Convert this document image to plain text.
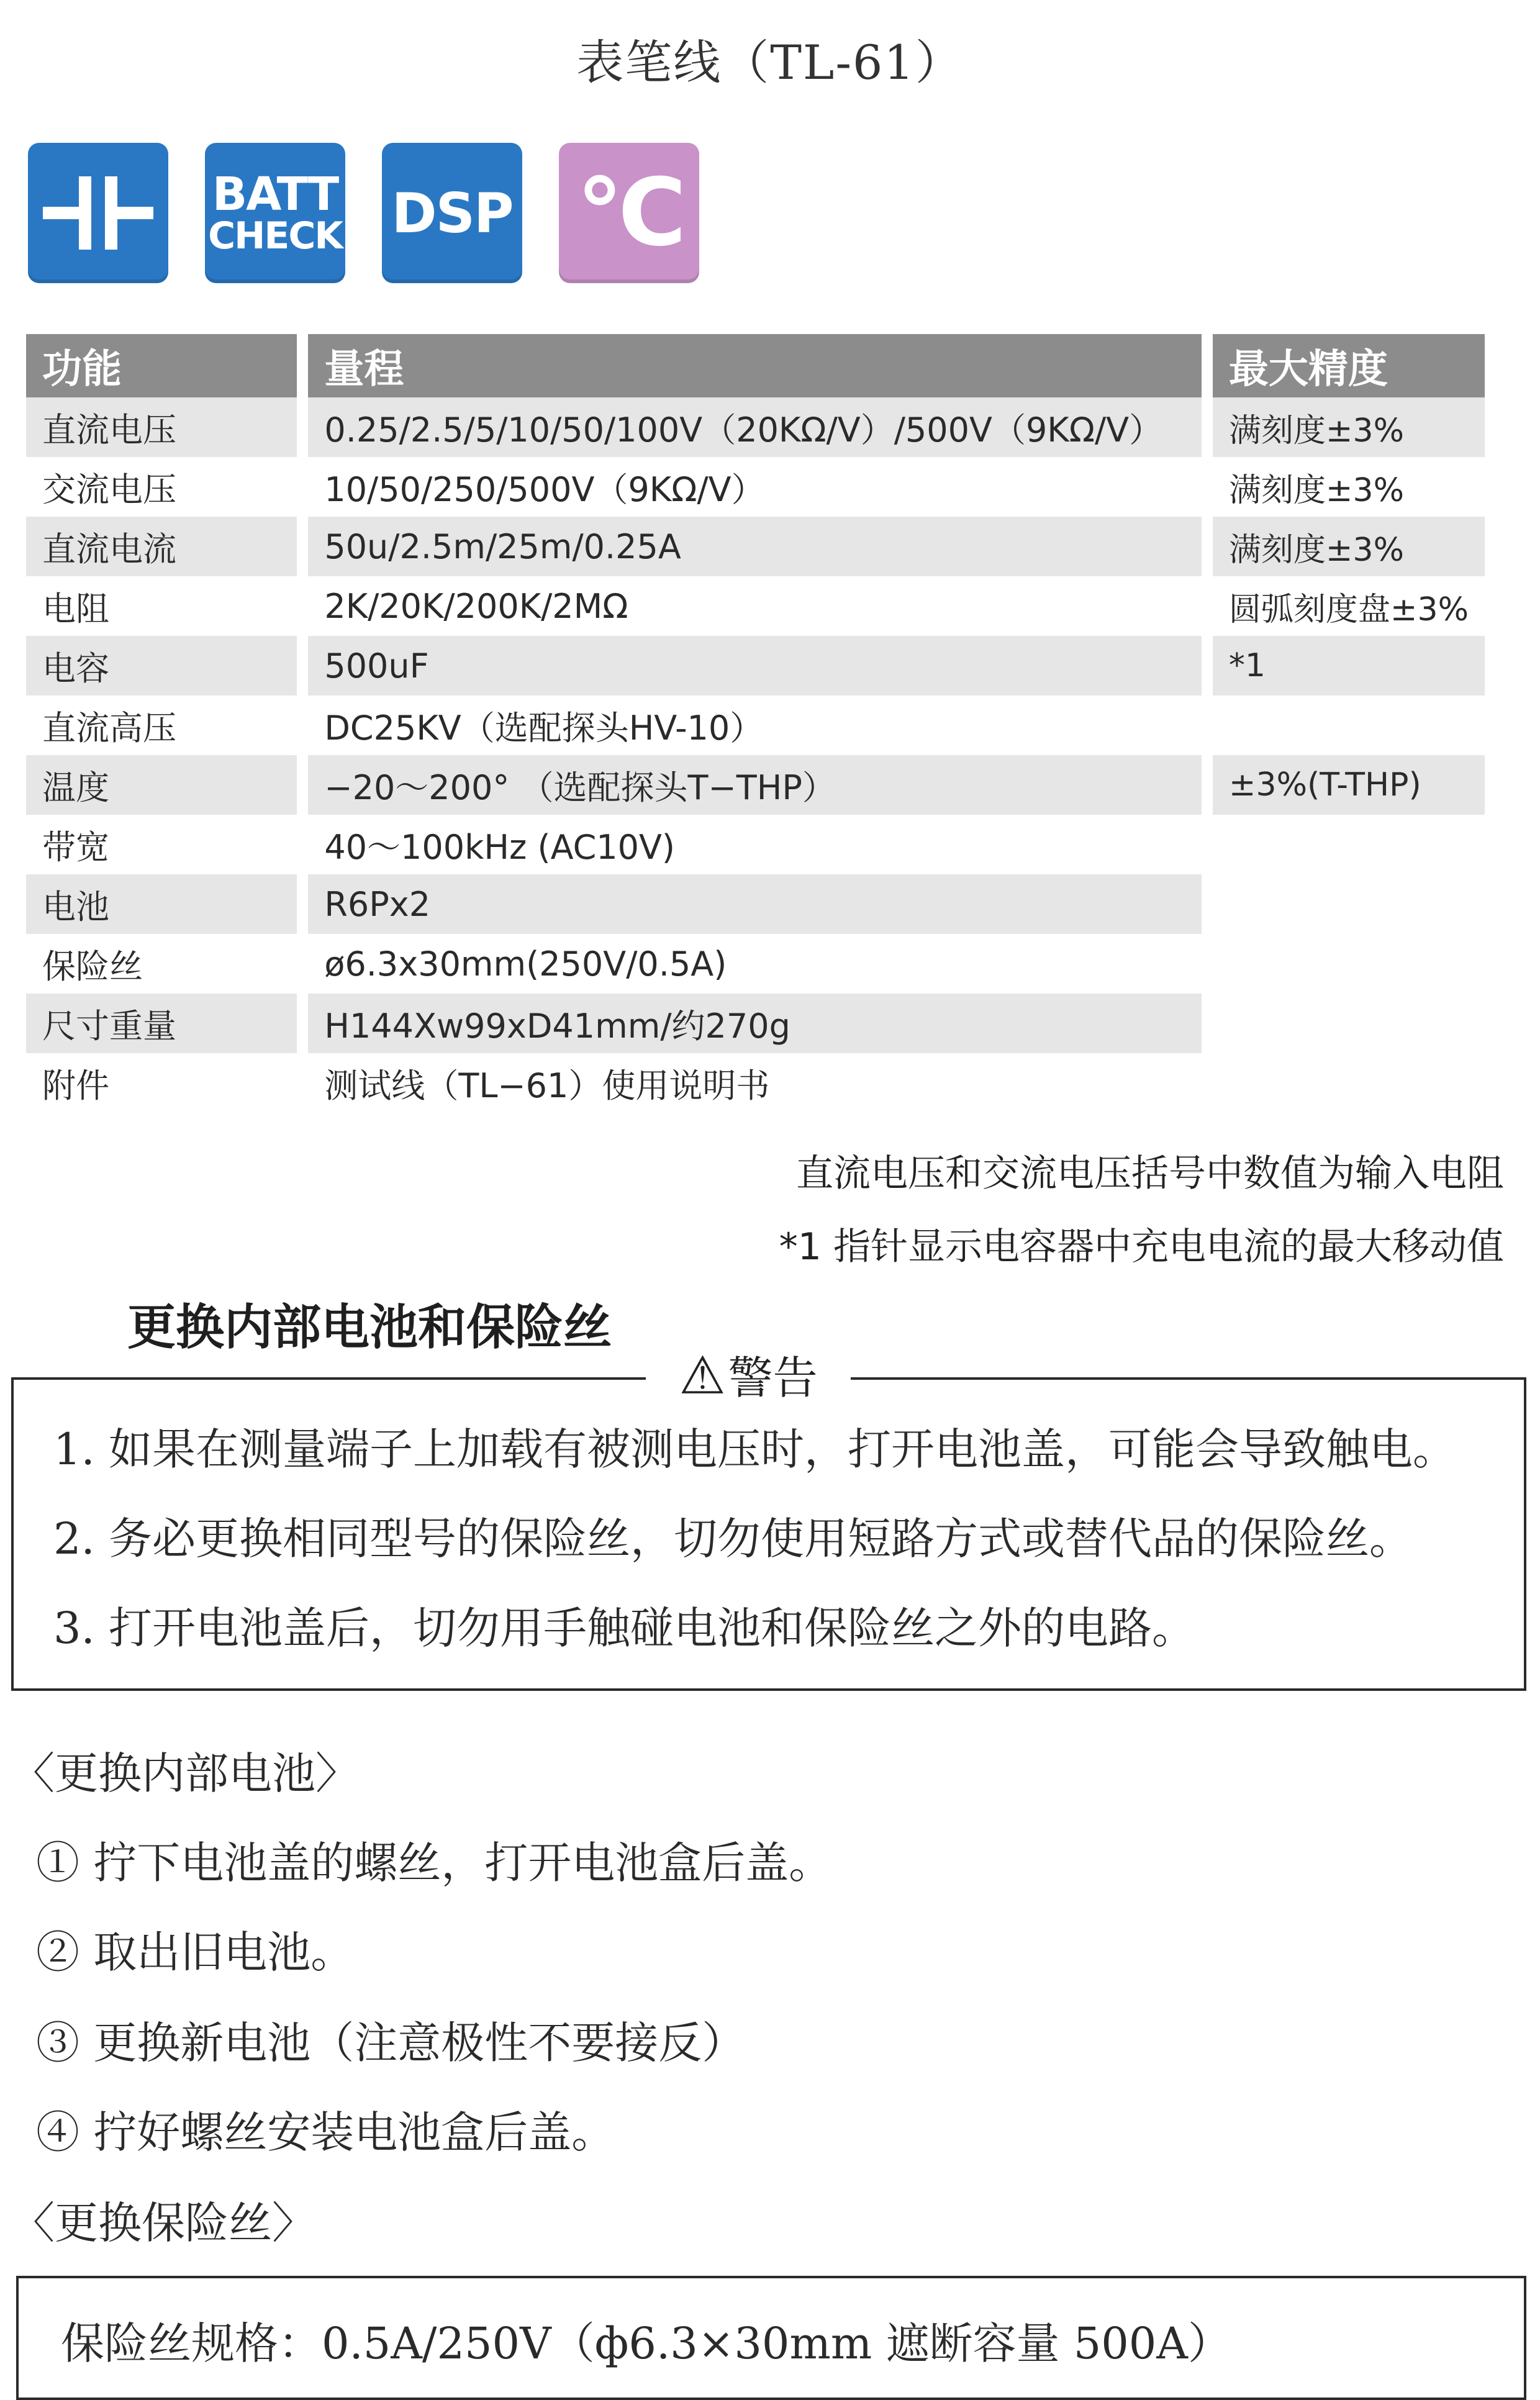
表笔线（TL-61）
BATT
CHECK DSP °C
功能	量程	最大精度
直流电压	0.25/2.5/5/10/50/100V（20KΩ/V）/500V（9KΩ/V）	满刻度±3%
交流电压	10/50/250/500V（9KΩ/V）	满刻度±3%
直流电流	50u/2.5m/25m/0.25A	满刻度±3%
电阻	2K/20K/200K/2MΩ	圆弧刻度盘±3%
电容	500uF	*1
直流高压	DC25KV（选配探头HV-10）	
温度	−20～200° （选配探头T−THP）	±3%(T-THP)
带宽	40～100kHz (AC10V)	
电池	R6Px2	
保险丝	ø6.3x30mm(250V/0.5A)	
尺寸重量	H144Xw99xD41mm/约270g	
附件	测试线（TL−61）使用说明书	
直流电压和交流电压括号中数值为输入电阻
*1 指针显示电容器中充电电流的最大移动值
更换内部电池和保险丝
⚠警告
1. 如果在测量端子上加载有被测电压时，打开电池盖，可能会导致触电。
2. 务必更换相同型号的保险丝，切勿使用短路方式或替代品的保险丝。
3. 打开电池盖后，切勿用手触碰电池和保险丝之外的电路。
〈更换内部电池〉
① 拧下电池盖的螺丝，打开电池盒后盖。
② 取出旧电池。
③ 更换新电池（注意极性不要接反）
④ 拧好螺丝安装电池盒后盖。
〈更换保险丝〉
保险丝规格：0.5A/250V（ф6.3×30mm 遮断容量 500A）
